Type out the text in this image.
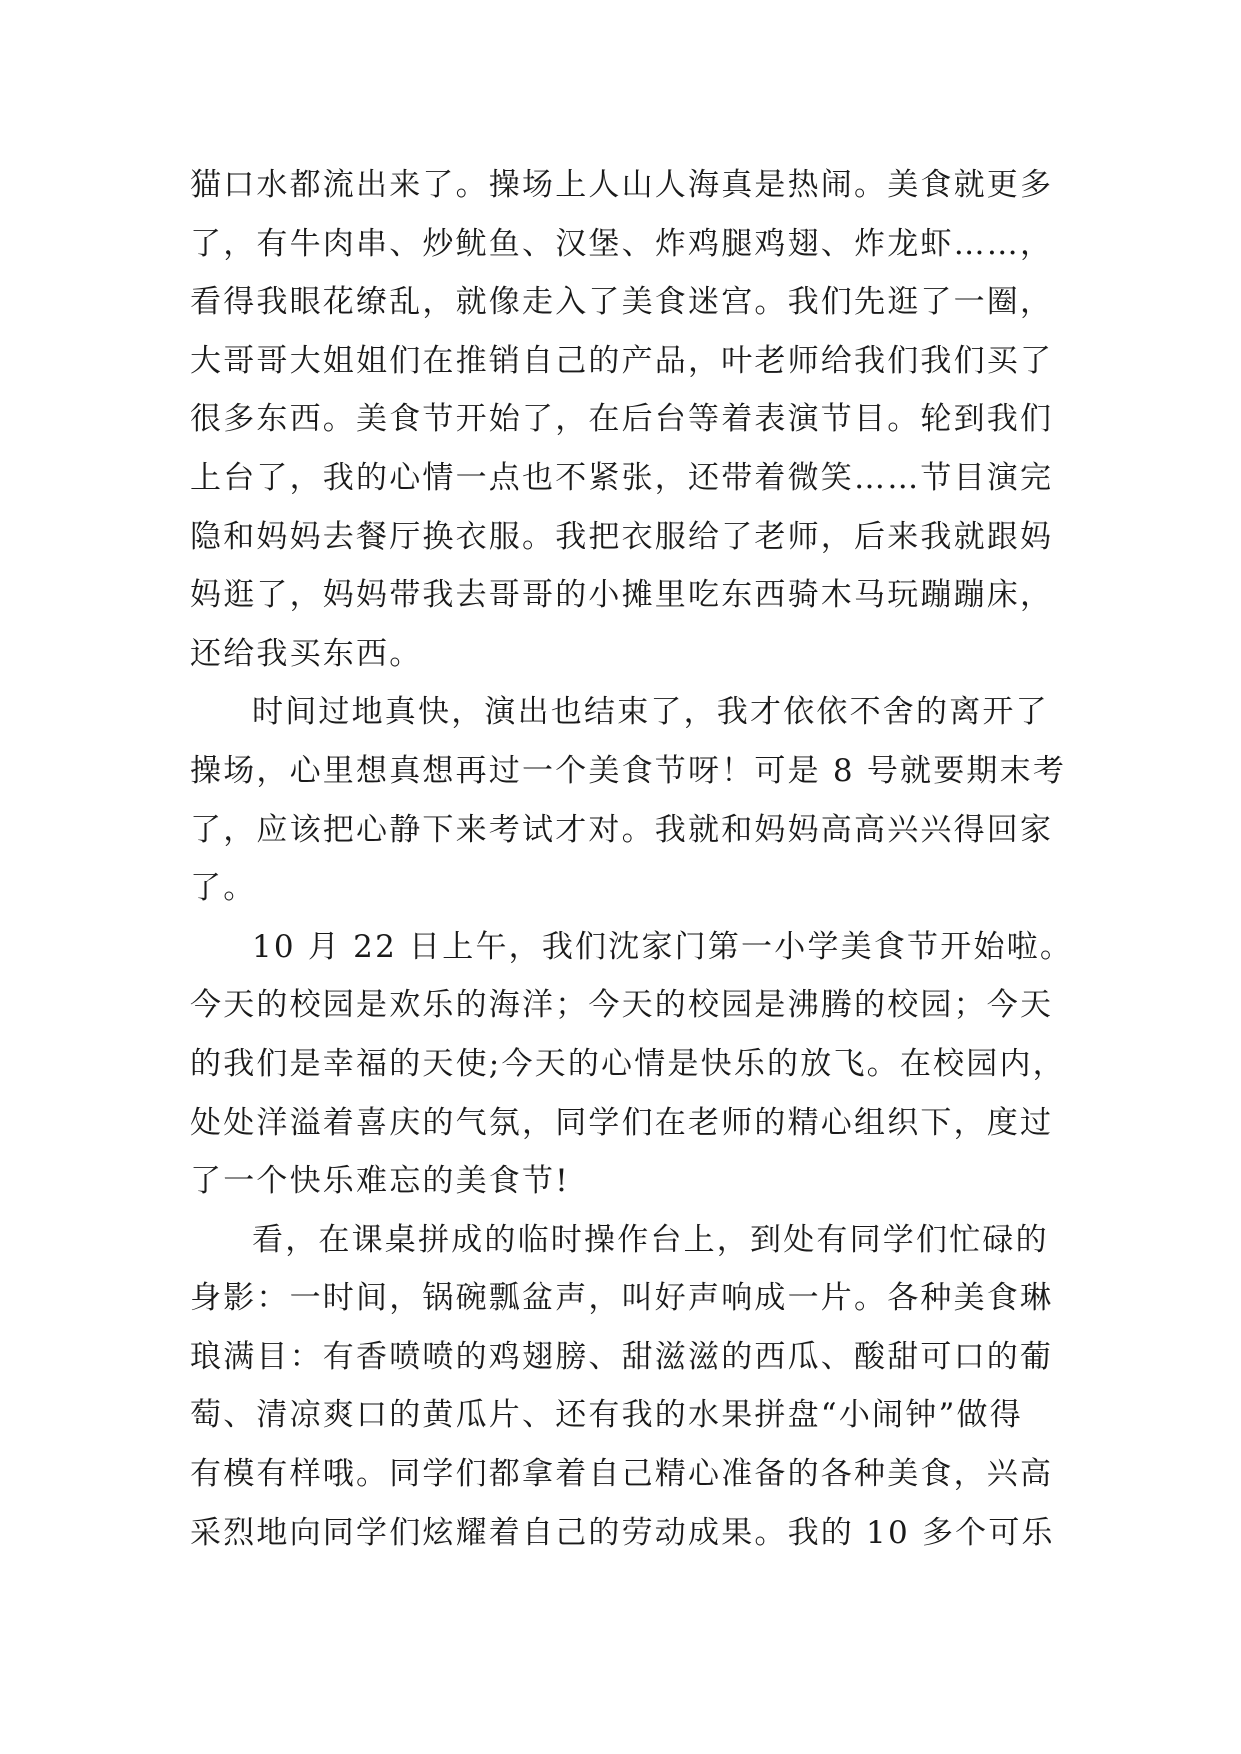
猫口水都流出来了。操场上人山人海真是热闹。美食就更多
了，有牛肉串、炒鱿鱼、汉堡、炸鸡腿鸡翅、炸龙虾……，
看得我眼花缭乱，就像走入了美食迷宫。我们先逛了一圈，
大哥哥大姐姐们在推销自己的产品，叶老师给我们我们买了
很多东西。美食节开始了，在后台等着表演节目。轮到我们
上台了，我的心情一点也不紧张，还带着微笑……节目演完
隐和妈妈去餐厅换衣服。我把衣服给了老师，后来我就跟妈
妈逛了，妈妈带我去哥哥的小摊里吃东西骑木马玩蹦蹦床，
还给我买东西。
时间过地真快，演出也结束了，我才依依不舍的离开了
操场，心里想真想再过一个美食节呀！可是 8 号就要期末考
了，应该把心静下来考试才对。我就和妈妈高高兴兴得回家
了。
10 月 22 日上午，我们沈家门第一小学美食节开始啦。
今天的校园是欢乐的海洋；今天的校园是沸腾的校园；今天
的我们是幸福的天使;今天的心情是快乐的放飞。在校园内，
处处洋溢着喜庆的气氛，同学们在老师的精心组织下，度过
了一个快乐难忘的美食节!
看，在课桌拼成的临时操作台上，到处有同学们忙碌的
身影：一时间，锅碗瓢盆声，叫好声响成一片。各种美食琳
琅满目：有香喷喷的鸡翅膀、甜滋滋的西瓜、酸甜可口的葡
萄、清凉爽口的黄瓜片、还有我的水果拼盘“小闹钟”做得
有模有样哦。同学们都拿着自己精心准备的各种美食，兴高
采烈地向同学们炫耀着自己的劳动成果。我的 10 多个可乐
